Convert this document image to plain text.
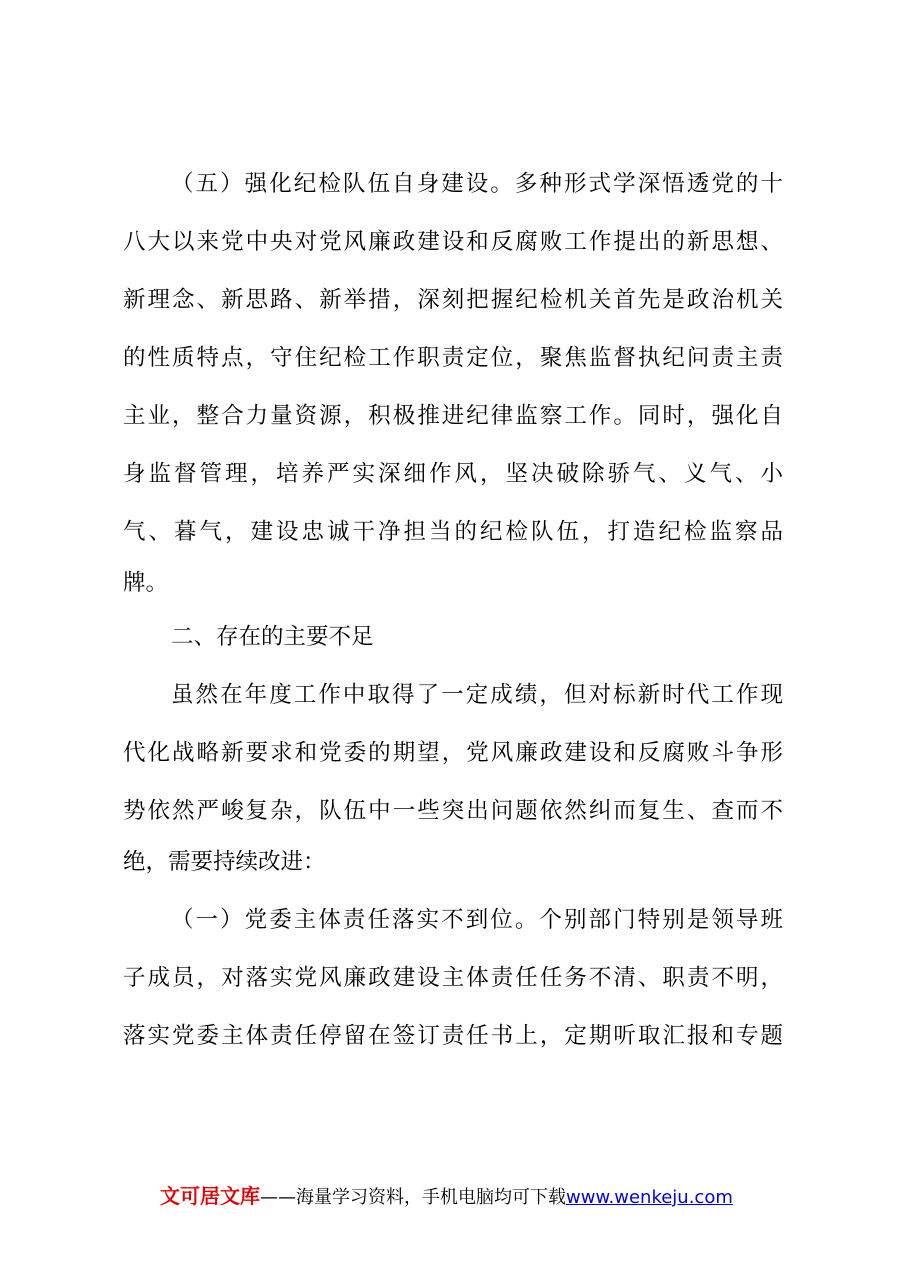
（五）强化纪检队伍自身建设。多种形式学深悟透党的十
八大以来党中央对党风廉政建设和反腐败工作提出的新思想、
新理念、新思路、新举措，深刻把握纪检机关首先是政治机关
的性质特点，守住纪检工作职责定位，聚焦监督执纪问责主责
主业，整合力量资源，积极推进纪律监察工作。同时，强化自
身监督管理，培养严实深细作风，坚决破除骄气、义气、小
气、暮气，建设忠诚干净担当的纪检队伍，打造纪检监察品
牌。
二、存在的主要不足
虽然在年度工作中取得了一定成绩，但对标新时代工作现
代化战略新要求和党委的期望，党风廉政建设和反腐败斗争形
势依然严峻复杂，队伍中一些突出问题依然纠而复生、查而不
绝，需要持续改进：
（一）党委主体责任落实不到位。个别部门特别是领导班
子成员，对落实党风廉政建设主体责任任务不清、职责不明，
落实党委主体责任停留在签订责任书上，定期听取汇报和专题
文可居文库——海量学习资料，手机电脑均可下载www.wenkeju.com
